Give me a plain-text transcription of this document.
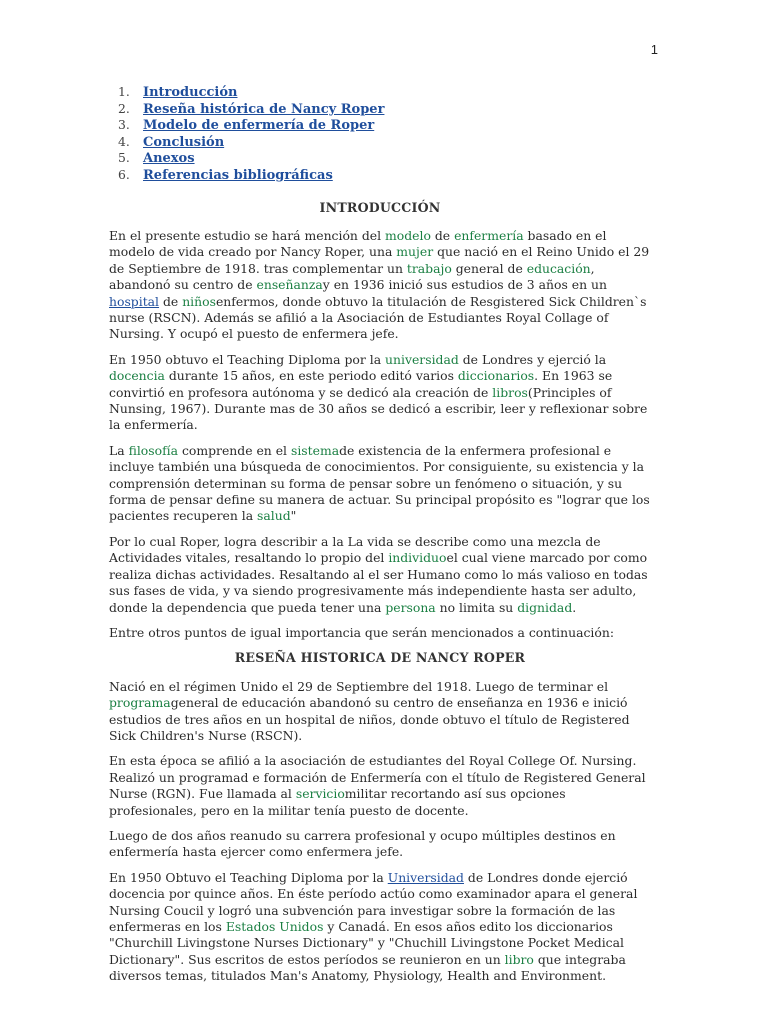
1
1.	Introducción
2.	Reseña histórica de Nancy Roper
3.	Modelo de enfermería de Roper
4.	Conclusión
5.	Anexos
6.	Referencias bibliográficas
INTRODUCCIÓN

En el presente estudio se hará mención del modelo de enfermería basado en el modelo de vida creado por Nancy Roper, una mujer que nació en el Reino Unido el 29 de Septiembre de 1918. tras complementar un trabajo general de educación, abandonó su centro de enseñanzay en 1936 inició sus estudios de 3 años en un hospital de niñosenfermos, donde obtuvo la titulación de Resgistered Sick Children`s nurse (RSCN). Además se afilió a la Asociación de Estudiantes Royal Collage of Nursing. Y ocupó el puesto de enfermera jefe.

En 1950 obtuvo el Teaching Diploma por la universidad de Londres y ejerció la docencia durante 15 años, en este periodo editó varios diccionarios. En 1963 se convirtió en profesora autónoma y se dedicó ala creación de libros(Principles of Nunsing, 1967). Durante mas de 30 años se dedicó a escribir, leer y reflexionar sobre la enfermería.

La filosofía comprende en el sistemade existencia de la enfermera profesional e incluye también una búsqueda de conocimientos. Por consiguiente, su existencia y la comprensión determinan su forma de pensar sobre un fenómeno o situación, y su forma de pensar define su manera de actuar. Su principal propósito es "lograr que los pacientes recuperen la salud"

Por lo cual Roper, logra describir a la La vida se describe como una mezcla de Actividades vitales, resaltando lo propio del individuoel cual viene marcado por como realiza dichas actividades. Resaltando al el ser Humano como lo más valioso en todas sus fases de vida, y va siendo progresivamente más independiente hasta ser adulto, donde la dependencia que pueda tener una persona no limita su dignidad.

Entre otros puntos de igual importancia que serán mencionados a continuación:

RESEÑA HISTORICA DE NANCY ROPER

Nació en el régimen Unido el 29 de Septiembre del 1918. Luego de terminar el programageneral de educación abandonó su centro de enseñanza en 1936 e inició estudios de tres años en un hospital de niños, donde obtuvo el título de Registered Sick Children's Nurse (RSCN).

En esta época se afilió a la asociación de estudiantes del Royal College Of. Nursing. Realizó un programad e formación de Enfermería con el título de Registered General Nurse (RGN). Fue llamada al serviciomilitar recortando así sus opciones profesionales, pero en la militar tenía puesto de docente.

Luego de dos años reanudo su carrera profesional y ocupo múltiples destinos en enfermería hasta ejercer como enfermera jefe.

En 1950 Obtuvo el Teaching Diploma por la Universidad de Londres donde ejerció docencia por quince años. En éste período actúo como examinador apara el general Nursing Coucil y logró una subvención para investigar sobre la formación de las enfermeras en los Estados Unidos y Canadá. En esos años edito los diccionarios "Churchill Livingstone Nurses Dictionary" y "Chuchill Livingstone Pocket Medical Dictionary". Sus escritos de estos períodos se reunieron en un libro que integraba diversos temas, titulados Man's Anatomy, Physiology, Health and Environment.
